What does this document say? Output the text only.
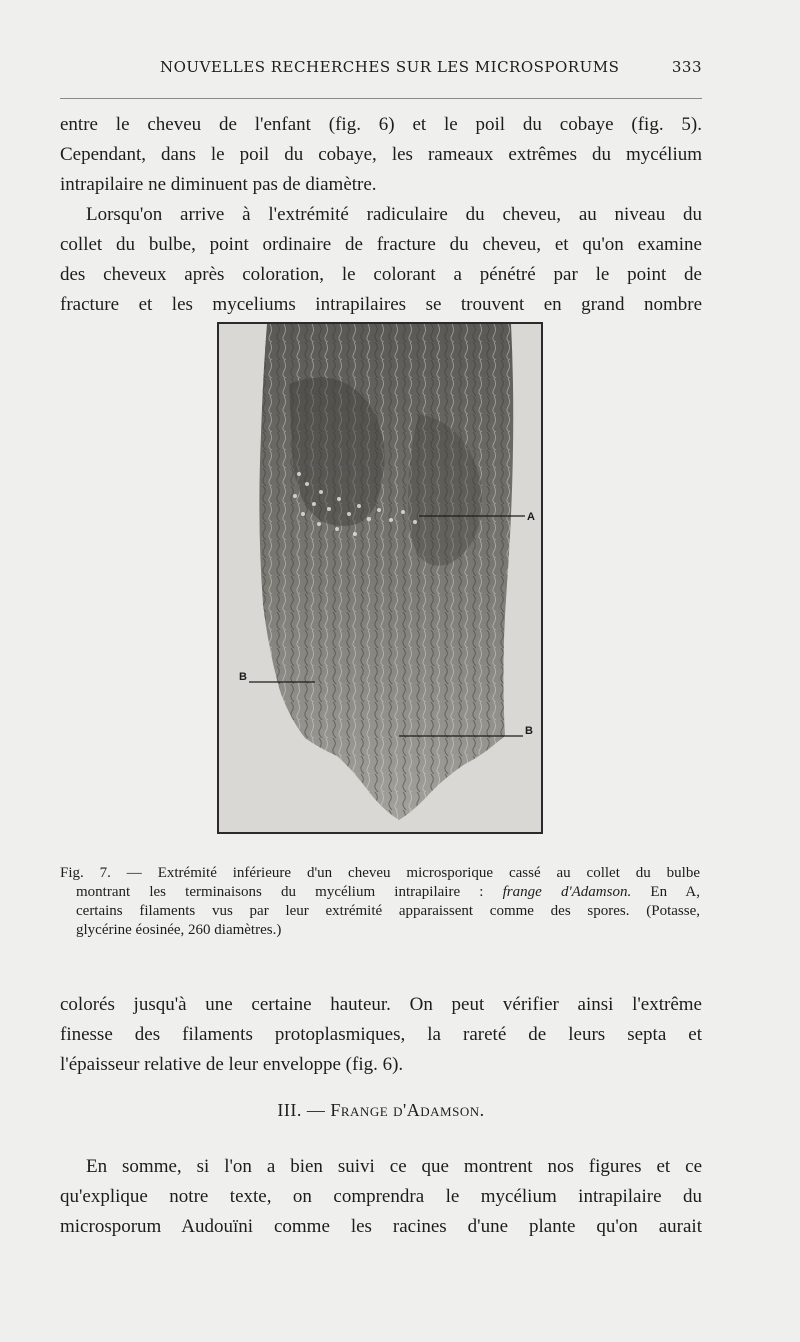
NOUVELLES RECHERCHES SUR LES MICROSPORUMS	333
entre le cheveu de l'enfant (fig. 6) et le poil du cobaye (fig. 5).
Cependant, dans le poil du cobaye, les rameaux extrêmes du mycélium
intrapilaire ne diminuent pas de diamètre.
Lorsqu'on arrive à l'extrémité radiculaire du cheveu, au niveau du
collet du bulbe, point ordinaire de fracture du cheveu, et qu'on examine
des cheveux après coloration, le colorant a pénétré par le point de
fracture et les myceliums intrapilaires se trouvent en grand nombre
A
B
B
Fig. 7. — Extrémité inférieure d'un cheveu microsporique cassé au collet du bulbe
montrant les terminaisons du mycélium intrapilaire : frange d'Adamson. En A,
certains filaments vus par leur extrémité apparaissent comme des spores. (Potasse,
glycérine éosinée, 260 diamètres.)
colorés jusqu'à une certaine hauteur. On peut vérifier ainsi l'extrême
finesse des filaments protoplasmiques, la rareté de leurs septa et
l'épaisseur relative de leur enveloppe (fig. 6).
III. — Frange d'Adamson.
En somme, si l'on a bien suivi ce que montrent nos figures et ce
qu'explique notre texte, on comprendra le mycélium intrapilaire du
microsporum Audouïni comme les racines d'une plante qu'on aurait
